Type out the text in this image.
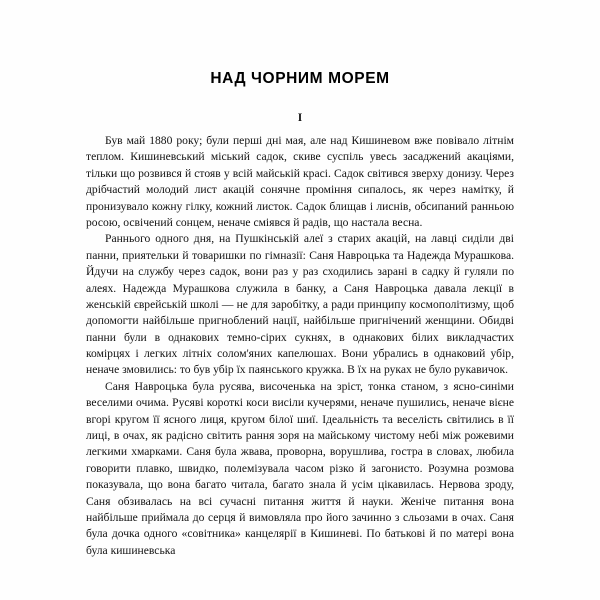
НАД ЧОРНИМ МОРЕМ
I

Був май 1880 року; були перші дні мая, але над Кишиневом вже повівало літнім теплом. Кишиневський міський садок, скиве суспіль увесь засаджений акаціями, тільки що розвився й стояв у всій майській красі. Садок світився зверху донизу. Через дрібчастий молодий лист акацій сонячне проміння сипалось, як через намітку, й пронизувало кожну гілку, кожний листок. Садок блищав і лиснів, обсипаний ранньою росою, освічений сонцем, неначе сміявся й радів, що настала весна.

Раннього одного дня, на Пушкінській алеї з старих акацій, на лавці сиділи дві панни, приятельки й товаришки по гімназії: Саня Навроцька та Надежда Мурашкова. Йдучи на службу через садок, вони раз у раз сходились зарані в садку й гуляли по алеях. Надежда Мурашкова служила в банку, а Саня Навроцька давала лекції в женській єврейській школі — не для заробітку, а ради принципу космополітизму, щоб допомогти найбільше пригноблений нації, найбільше пригнічений женщини. Обидві панни були в однакових темно-сірих сукнях, в однакових білих викладчастих комірцях і легких літніх солом'яних капелюшах. Вони убрались в однаковий убір, неначе змовились: то був убір їх паянського кружка. В їх на руках не було рукавичок.

Саня Навроцька була русява, височенька на зріст, тонка станом, з ясно-синіми веселими очима. Русяві короткі коси висіли кучерями, неначе пушились, неначе вієне вгорі кругом її ясного лиця, кругом білої шиї. Ідеальність та веселість світились в її лиці, в очах, як радісно світить рання зоря на майському чистому небі між рожевими легкими хмарками. Саня була жвава, проворна, ворушлива, гостра в словах, любила говорити плавко, швидко, полемізувала часом різко й загонисто. Розумна розмова показувала, що вона багато читала, багато знала й усім цікавилась. Нервова зроду, Саня обзивалась на всі сучасні питання життя й науки. Женіче питання вона найбільше приймала до серця й вимовляла про його зачинно з сльозами в очах. Саня була дочка одного «совітника» канцелярії в Кишиневі. По батькові й по матері вона була кишиневська
